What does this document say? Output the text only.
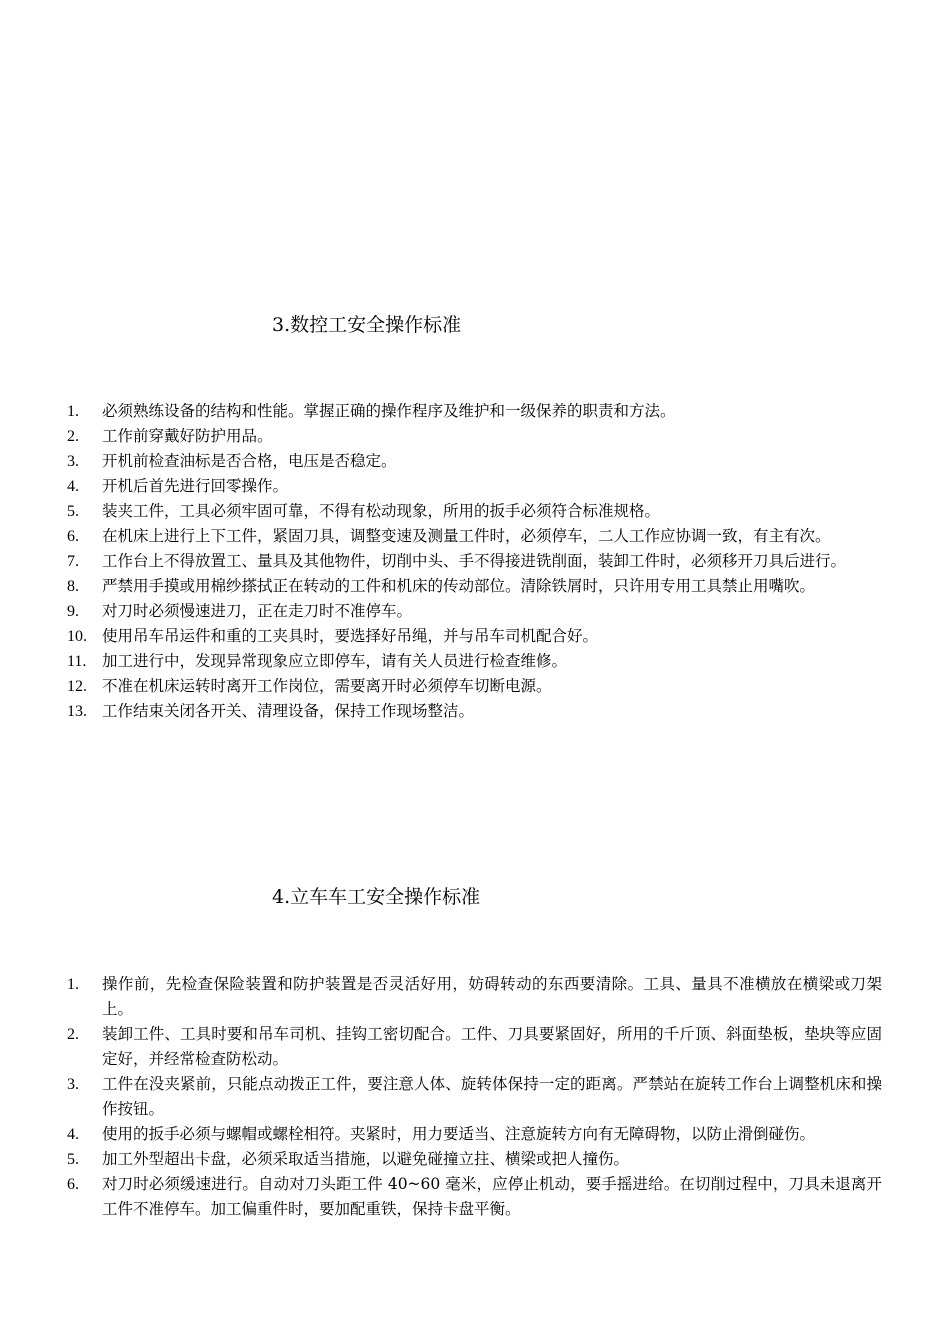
3.数控工安全操作标准
1. 必须熟练设备的结构和性能。掌握正确的操作程序及维护和一级保养的职责和方法。
2. 工作前穿戴好防护用品。
3. 开机前检查油标是否合格，电压是否稳定。
4. 开机后首先进行回零操作。
5. 装夹工件，工具必须牢固可靠，不得有松动现象，所用的扳手必须符合标准规格。
6. 在机床上进行上下工件，紧固刀具，调整变速及测量工件时，必须停车，二人工作应协调一致，有主有次。
7. 工作台上不得放置工、量具及其他物件，切削中头、手不得接进铣削面，装卸工件时，必须移开刀具后进行。
8. 严禁用手摸或用棉纱搽拭正在转动的工件和机床的传动部位。清除铁屑时，只许用专用工具禁止用嘴吹。
9. 对刀时必须慢速进刀，正在走刀时不准停车。
10. 使用吊车吊运件和重的工夹具时，要选择好吊绳，并与吊车司机配合好。
11. 加工进行中，发现异常现象应立即停车，请有关人员进行检查维修。
12. 不准在机床运转时离开工作岗位，需要离开时必须停车切断电源。
13. 工作结束关闭各开关、清理设备，保持工作现场整洁。
4.立车车工安全操作标准
1. 操作前，先检查保险装置和防护装置是否灵活好用，妨碍转动的东西要清除。工具、量具不准横放在横梁或刀架上。
2. 装卸工件、工具时要和吊车司机、挂钩工密切配合。工件、刀具要紧固好，所用的千斤顶、斜面垫板，垫块等应固定好，并经常检查防松动。
3. 工件在没夹紧前，只能点动拨正工件，要注意人体、旋转体保持一定的距离。严禁站在旋转工作台上调整机床和操作按钮。
4. 使用的扳手必须与螺帽或螺栓相符。夹紧时，用力要适当、注意旋转方向有无障碍物，以防止滑倒碰伤。
5. 加工外型超出卡盘，必须采取适当措施，以避免碰撞立拄、横梁或把人撞伤。
6. 对刀时必须缓速进行。自动对刀头距工件 40~60 毫米，应停止机动，要手摇进给。在切削过程中，刀具未退离开工件不准停车。加工偏重件时，要加配重铁，保持卡盘平衡。
